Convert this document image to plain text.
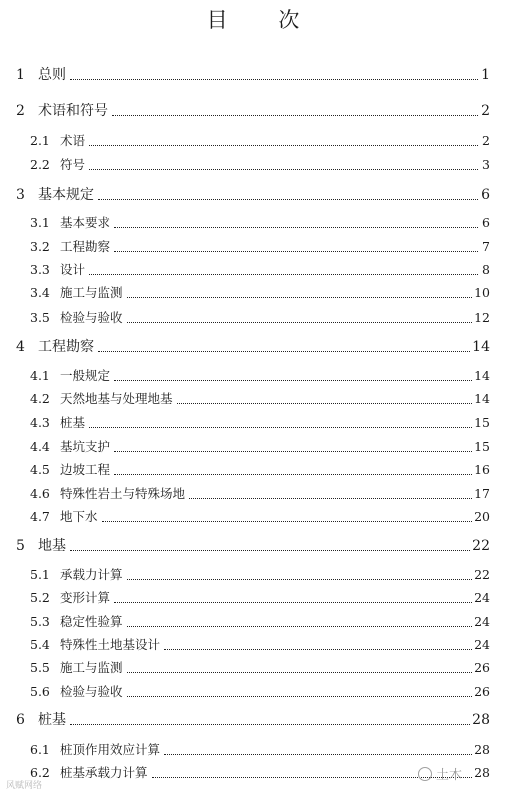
目 次
1 总则	1
2 术语和符号	2
2.1 术语	2
2.2 符号	3
3 基本规定	6
3.1 基本要求	6
3.2 工程勘察	7
3.3 设计	8
3.4 施工与监测	10
3.5 检验与验收	12
4 工程勘察	14
4.1 一般规定	14
4.2 天然地基与处理地基	14
4.3 桩基	15
4.4 基坑支护	15
4.5 边坡工程	16
4.6 特殊性岩土与特殊场地	17
4.7 地下水	20
5 地基	22
5.1 承载力计算	22
5.2 变形计算	24
5.3 稳定性验算	24
5.4 特殊性土地基设计	24
5.5 施工与监测	26
5.6 检验与验收	26
6 桩基	28
6.1 桩顶作用效应计算	28
6.2 桩基承载力计算	28
风赋网络
土木
